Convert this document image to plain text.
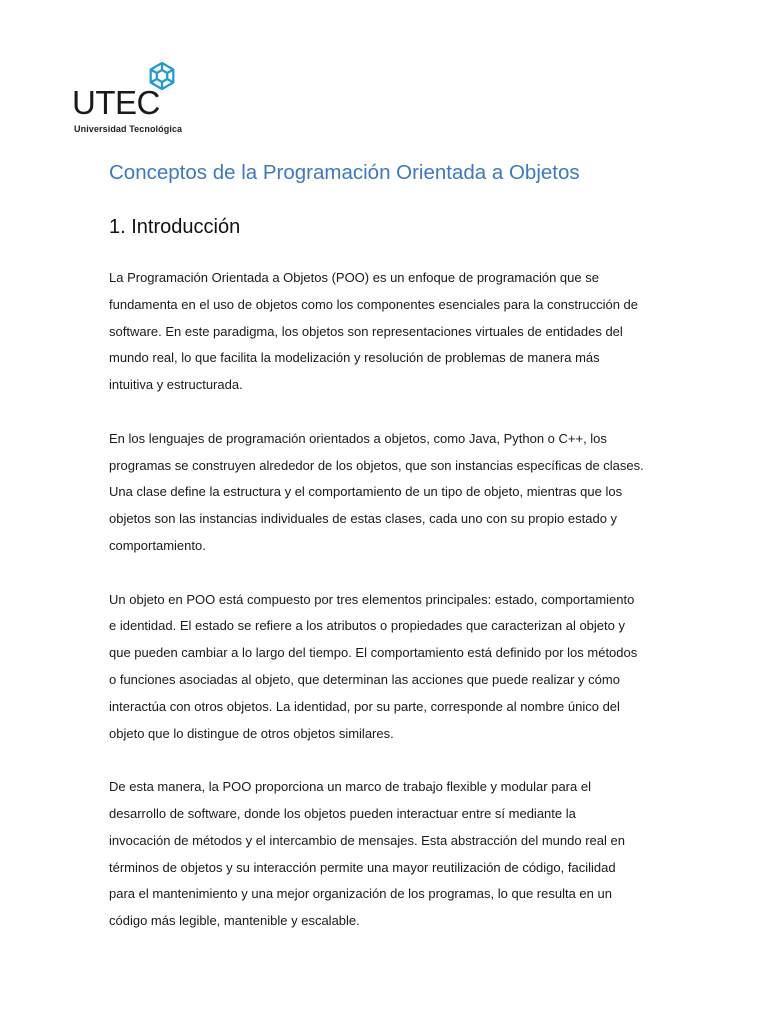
UTEC
Universidad Tecnológica
Conceptos de la Programación Orientada a Objetos
1. Introducción

La Programación Orientada a Objetos (POO) es un enfoque de programación que se
fundamenta en el uso de objetos como los componentes esenciales para la construcción de
software. En este paradigma, los objetos son representaciones virtuales de entidades del
mundo real, lo que facilita la modelización y resolución de problemas de manera más
intuitiva y estructurada.

En los lenguajes de programación orientados a objetos, como Java, Python o C++, los
programas se construyen alrededor de los objetos, que son instancias específicas de clases.
Una clase define la estructura y el comportamiento de un tipo de objeto, mientras que los
objetos son las instancias individuales de estas clases, cada uno con su propio estado y
comportamiento.

Un objeto en POO está compuesto por tres elementos principales: estado, comportamiento
e identidad. El estado se refiere a los atributos o propiedades que caracterizan al objeto y
que pueden cambiar a lo largo del tiempo. El comportamiento está definido por los métodos
o funciones asociadas al objeto, que determinan las acciones que puede realizar y cómo
interactúa con otros objetos. La identidad, por su parte, corresponde al nombre único del
objeto que lo distingue de otros objetos similares.

De esta manera, la POO proporciona un marco de trabajo flexible y modular para el
desarrollo de software, donde los objetos pueden interactuar entre sí mediante la
invocación de métodos y el intercambio de mensajes. Esta abstracción del mundo real en
términos de objetos y su interacción permite una mayor reutilización de código, facilidad
para el mantenimiento y una mejor organización de los programas, lo que resulta en un
código más legible, mantenible y escalable.
